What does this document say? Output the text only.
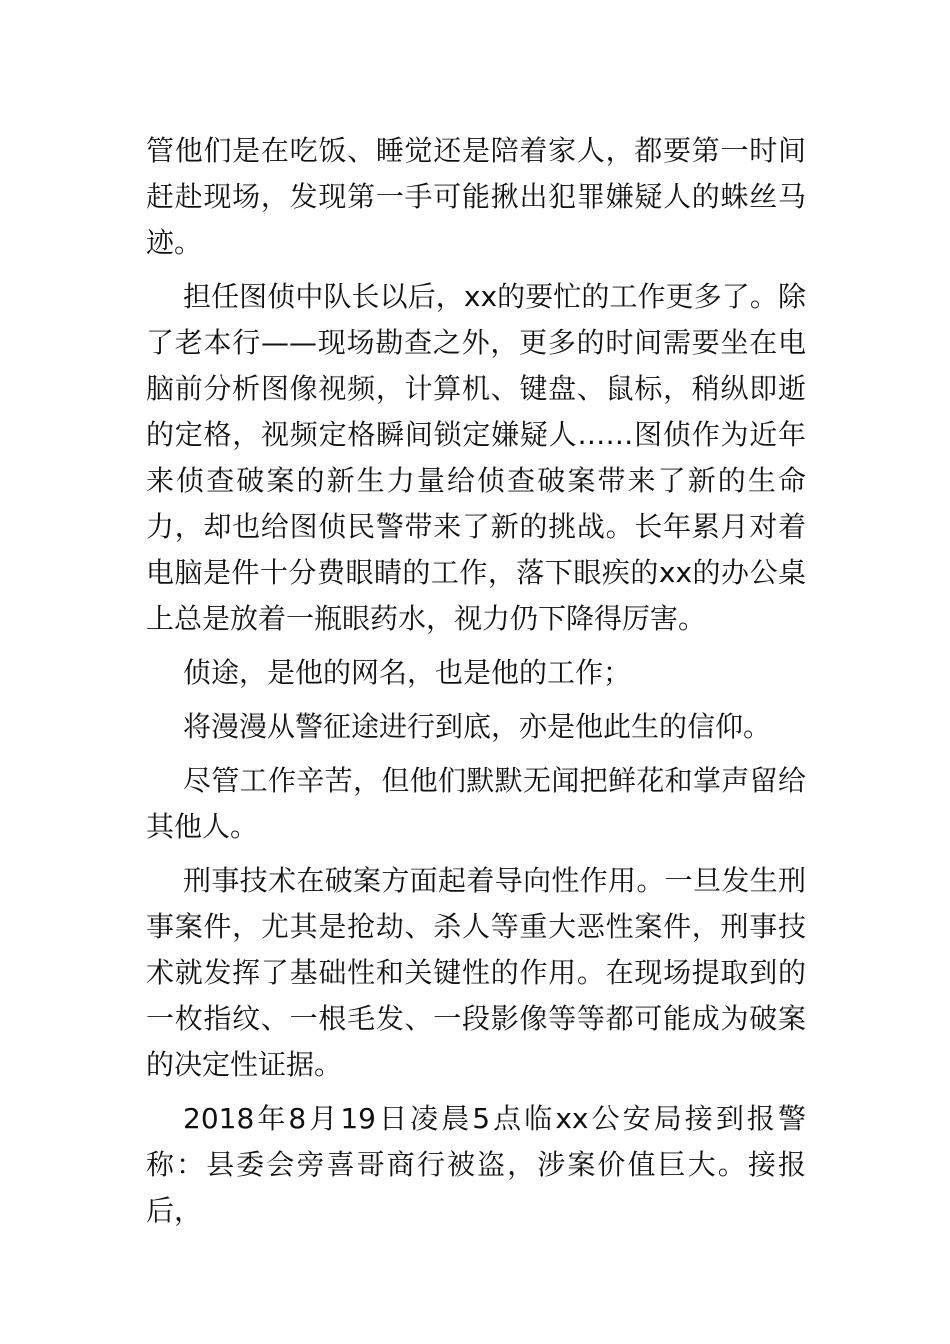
管他们是在吃饭、睡觉还是陪着家人，都要第一时间赶赴现场，发现第一手可能揪出犯罪嫌疑人的蛛丝马迹。

担任图侦中队长以后，xx的要忙的工作更多了。除了老本行——现场勘查之外，更多的时间需要坐在电脑前分析图像视频，计算机、键盘、鼠标，稍纵即逝的定格，视频定格瞬间锁定嫌疑人……图侦作为近年来侦查破案的新生力量给侦查破案带来了新的生命力，却也给图侦民警带来了新的挑战。长年累月对着电脑是件十分费眼睛的工作，落下眼疾的xx的办公桌上总是放着一瓶眼药水，视力仍下降得厉害。

侦途，是他的网名，也是他的工作；

将漫漫从警征途进行到底，亦是他此生的信仰。

尽管工作辛苦，但他们默默无闻把鲜花和掌声留给其他人。

刑事技术在破案方面起着导向性作用。一旦发生刑事案件，尤其是抢劫、杀人等重大恶性案件，刑事技术就发挥了基础性和关键性的作用。在现场提取到的一枚指纹、一根毛发、一段影像等等都可能成为破案的决定性证据。

2018年8月19日凌晨5点临xx公安局接到报警称：县委会旁喜哥商行被盗，涉案价值巨大。接报后，
